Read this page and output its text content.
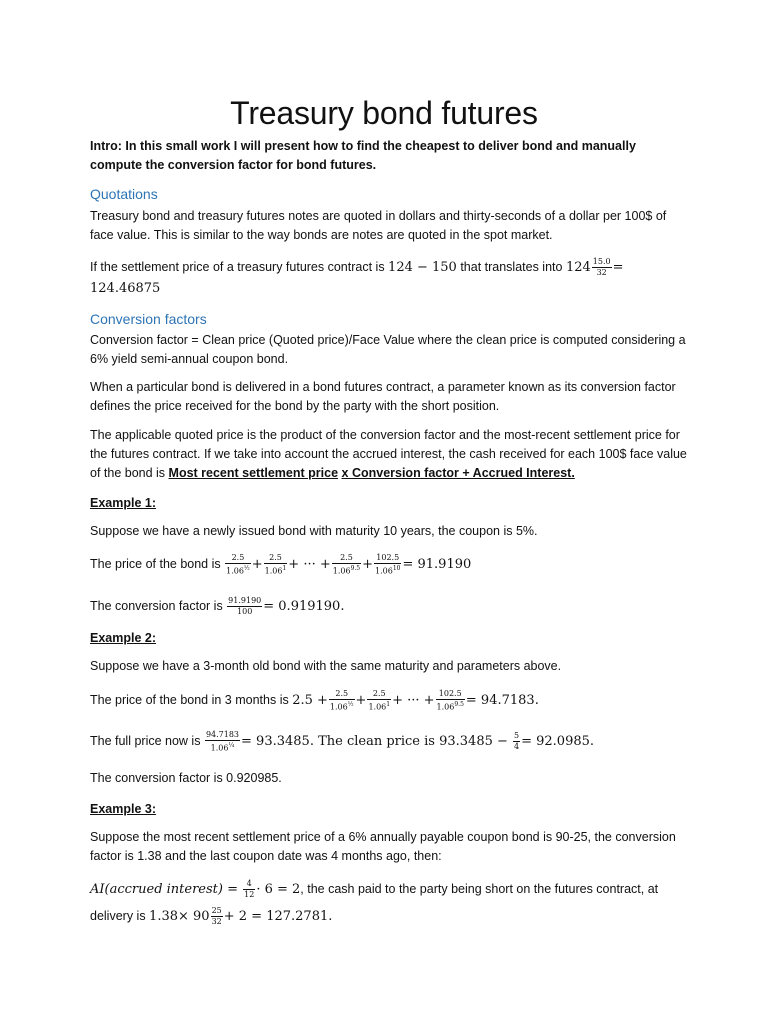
Treasury bond futures
Intro: In this small work I will present how to find the cheapest to deliver bond and manually compute the conversion factor for bond futures.
Quotations
Treasury bond and treasury futures notes are quoted in dollars and thirty-seconds of a dollar per 100$ of face value. This is similar to the way bonds are notes are quoted in the spot market.
If the settlement price of a treasury futures contract is 124 − 150 that translates into $124 \frac{15.0}{32}$ =
124.46875
Conversion factors
Conversion factor = Clean price (Quoted price)/Face Value where the clean price is computed considering a 6% yield semi-annual coupon bond.
When a particular bond is delivered in a bond futures contract, a parameter known as its conversion factor defines the price received for the bond by the party with the short position.
The applicable quoted price is the product of the conversion factor and the most-recent settlement price for the futures contract. If we take into account the accrued interest, the cash received for each 100$ face value of the bond is Most recent settlement price x Conversion factor + Accrued Interest.
Example 1:
Suppose we have a newly issued bond with maturity 10 years, the coupon is 5%.
The price of the bond is $\frac{2.5}{1.06^{\frac{1}{2}}} + \frac{2.5}{1.06^1}$ + ··· + $\frac{2.5}{1.06^{9.5}} + \frac{102.5}{1.06^{10}} = 91.9190$
The conversion factor is $\frac{91.9190}{100} = 0.919190$.
Example 2:
Suppose we have a 3-month old bond with the same maturity and parameters above.
The price of the bond in 3 months is $2.5 + \frac{2.5}{1.06^{\frac{1}{2}}} + \frac{2.5}{1.06^1}$ + ··· + $\frac{102.5}{1.06^{9.5}} = 94.7183$.
The full price now is $\frac{94.7183}{1.06^{\frac{1}{4}}} = 93.3485$. The clean price is $93.3485 - \frac{5}{4} = 92.0985$.
The conversion factor is 0.920985.
Example 3:
Suppose the most recent settlement price of a 6% annually payable coupon bond is 90-25, the conversion factor is 1.38 and the last coupon date was 4 months ago, then:
AI(accrued interest) = $\frac{4}{12} \cdot 6 = 2$, the cash paid to the party being short on the futures contract, at delivery is $1.38\times 90 \frac{25}{32} + 2 = 127.2781$.
